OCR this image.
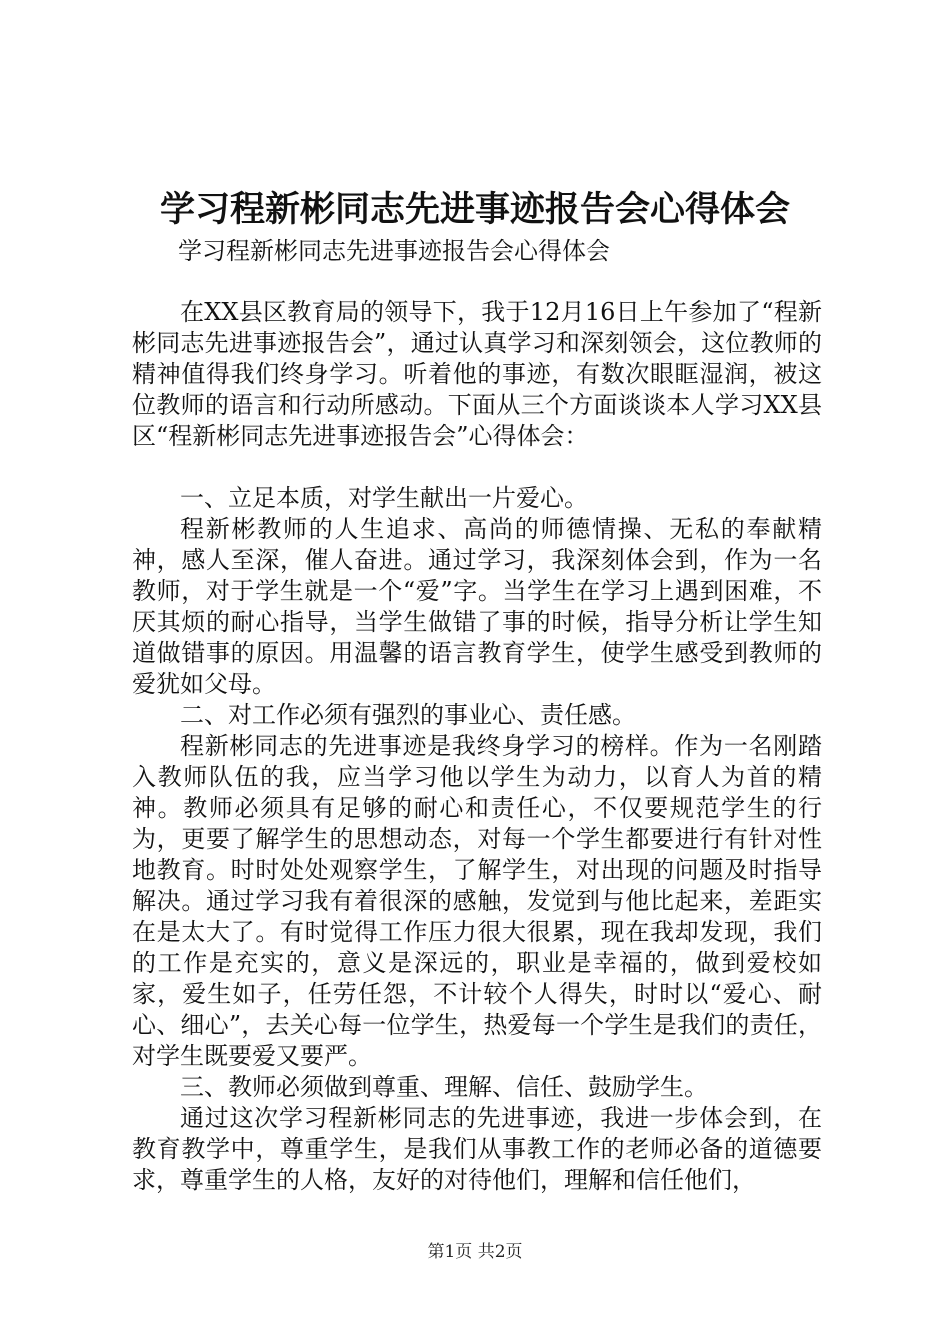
学习程新彬同志先进事迹报告会心得体会

学习程新彬同志先进事迹报告会心得体会

在XX县区教育局的领导下，我于12月16日上午参加了“程新彬同志先进事迹报告会”，通过认真学习和深刻领会，这位教师的精神值得我们终身学习。听着他的事迹，有数次眼眶湿润，被这位教师的语言和行动所感动。下面从三个方面谈谈本人学习XX县区“程新彬同志先进事迹报告会”心得体会：

一、立足本质，对学生献出一片爱心。

程新彬教师的人生追求、高尚的师德情操、无私的奉献精神，感人至深，催人奋进。通过学习，我深刻体会到，作为一名教师，对于学生就是一个“爱”字。当学生在学习上遇到困难，不厌其烦的耐心指导，当学生做错了事的时候，指导分析让学生知道做错事的原因。用温馨的语言教育学生，使学生感受到教师的爱犹如父母。

二、对工作必须有强烈的事业心、责任感。

程新彬同志的先进事迹是我终身学习的榜样。作为一名刚踏入教师队伍的我，应当学习他以学生为动力，以育人为首的精神。教师必须具有足够的耐心和责任心，不仅要规范学生的行为，更要了解学生的思想动态，对每一个学生都要进行有针对性地教育。时时处处观察学生，了解学生，对出现的问题及时指导解决。通过学习我有着很深的感触，发觉到与他比起来，差距实在是太大了。有时觉得工作压力很大很累，现在我却发现，我们的工作是充实的，意义是深远的，职业是幸福的，做到爱校如家，爱生如子，任劳任怨，不计较个人得失，时时以“爱心、耐心、细心”，去关心每一位学生，热爱每一个学生是我们的责任，对学生既要爱又要严。

三、教师必须做到尊重、理解、信任、鼓励学生。

通过这次学习程新彬同志的先进事迹，我进一步体会到，在教育教学中，尊重学生，是我们从事教工作的老师必备的道德要求，尊重学生的人格，友好的对待他们，理解和信任他们，

第1页 共2页
